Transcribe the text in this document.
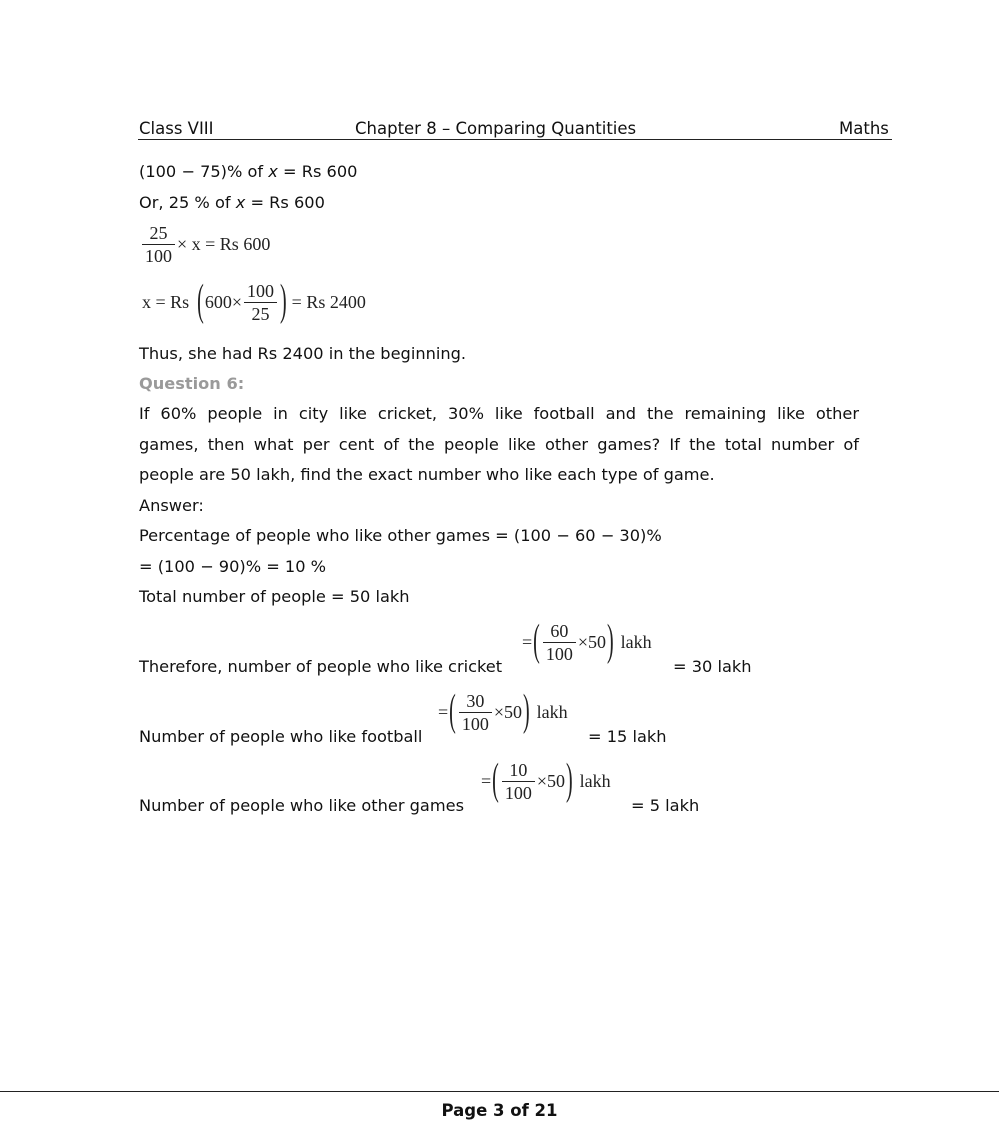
Class VIII	Chapter 8 – Comparing Quantities	Maths
(100 − 75)% of x = Rs 600
Or, 25 % of x = Rs 600
$\frac{25}{100} \times x = Rs$ 600
x = Rs ( $600\times \frac{100}{25}$ ) = Rs 2400
Thus, she had Rs 2400 in the beginning.
Question 6:
If 60% people in city like cricket, 30% like football and the remaining like other
games, then what per cent of the people like other games? If the total number of
people are 50 lakh, find the exact number who like each type of game.
Answer:
Percentage of people who like other games = (100 − 60 − 30)%
= (100 − 90)% = 10 %
Total number of people = 50 lakh
Therefore, number of people who like cricket
= ( $\frac{60}{100} \times 50$ ) lakh
= 30 lakh
Number of people who like football
= ( $\frac{30}{100} \times 50$ ) lakh
= 15 lakh
Number of people who like other games
= ( $\frac{10}{100} \times 50$ ) lakh
= 5 lakh
Page 3 of 21
